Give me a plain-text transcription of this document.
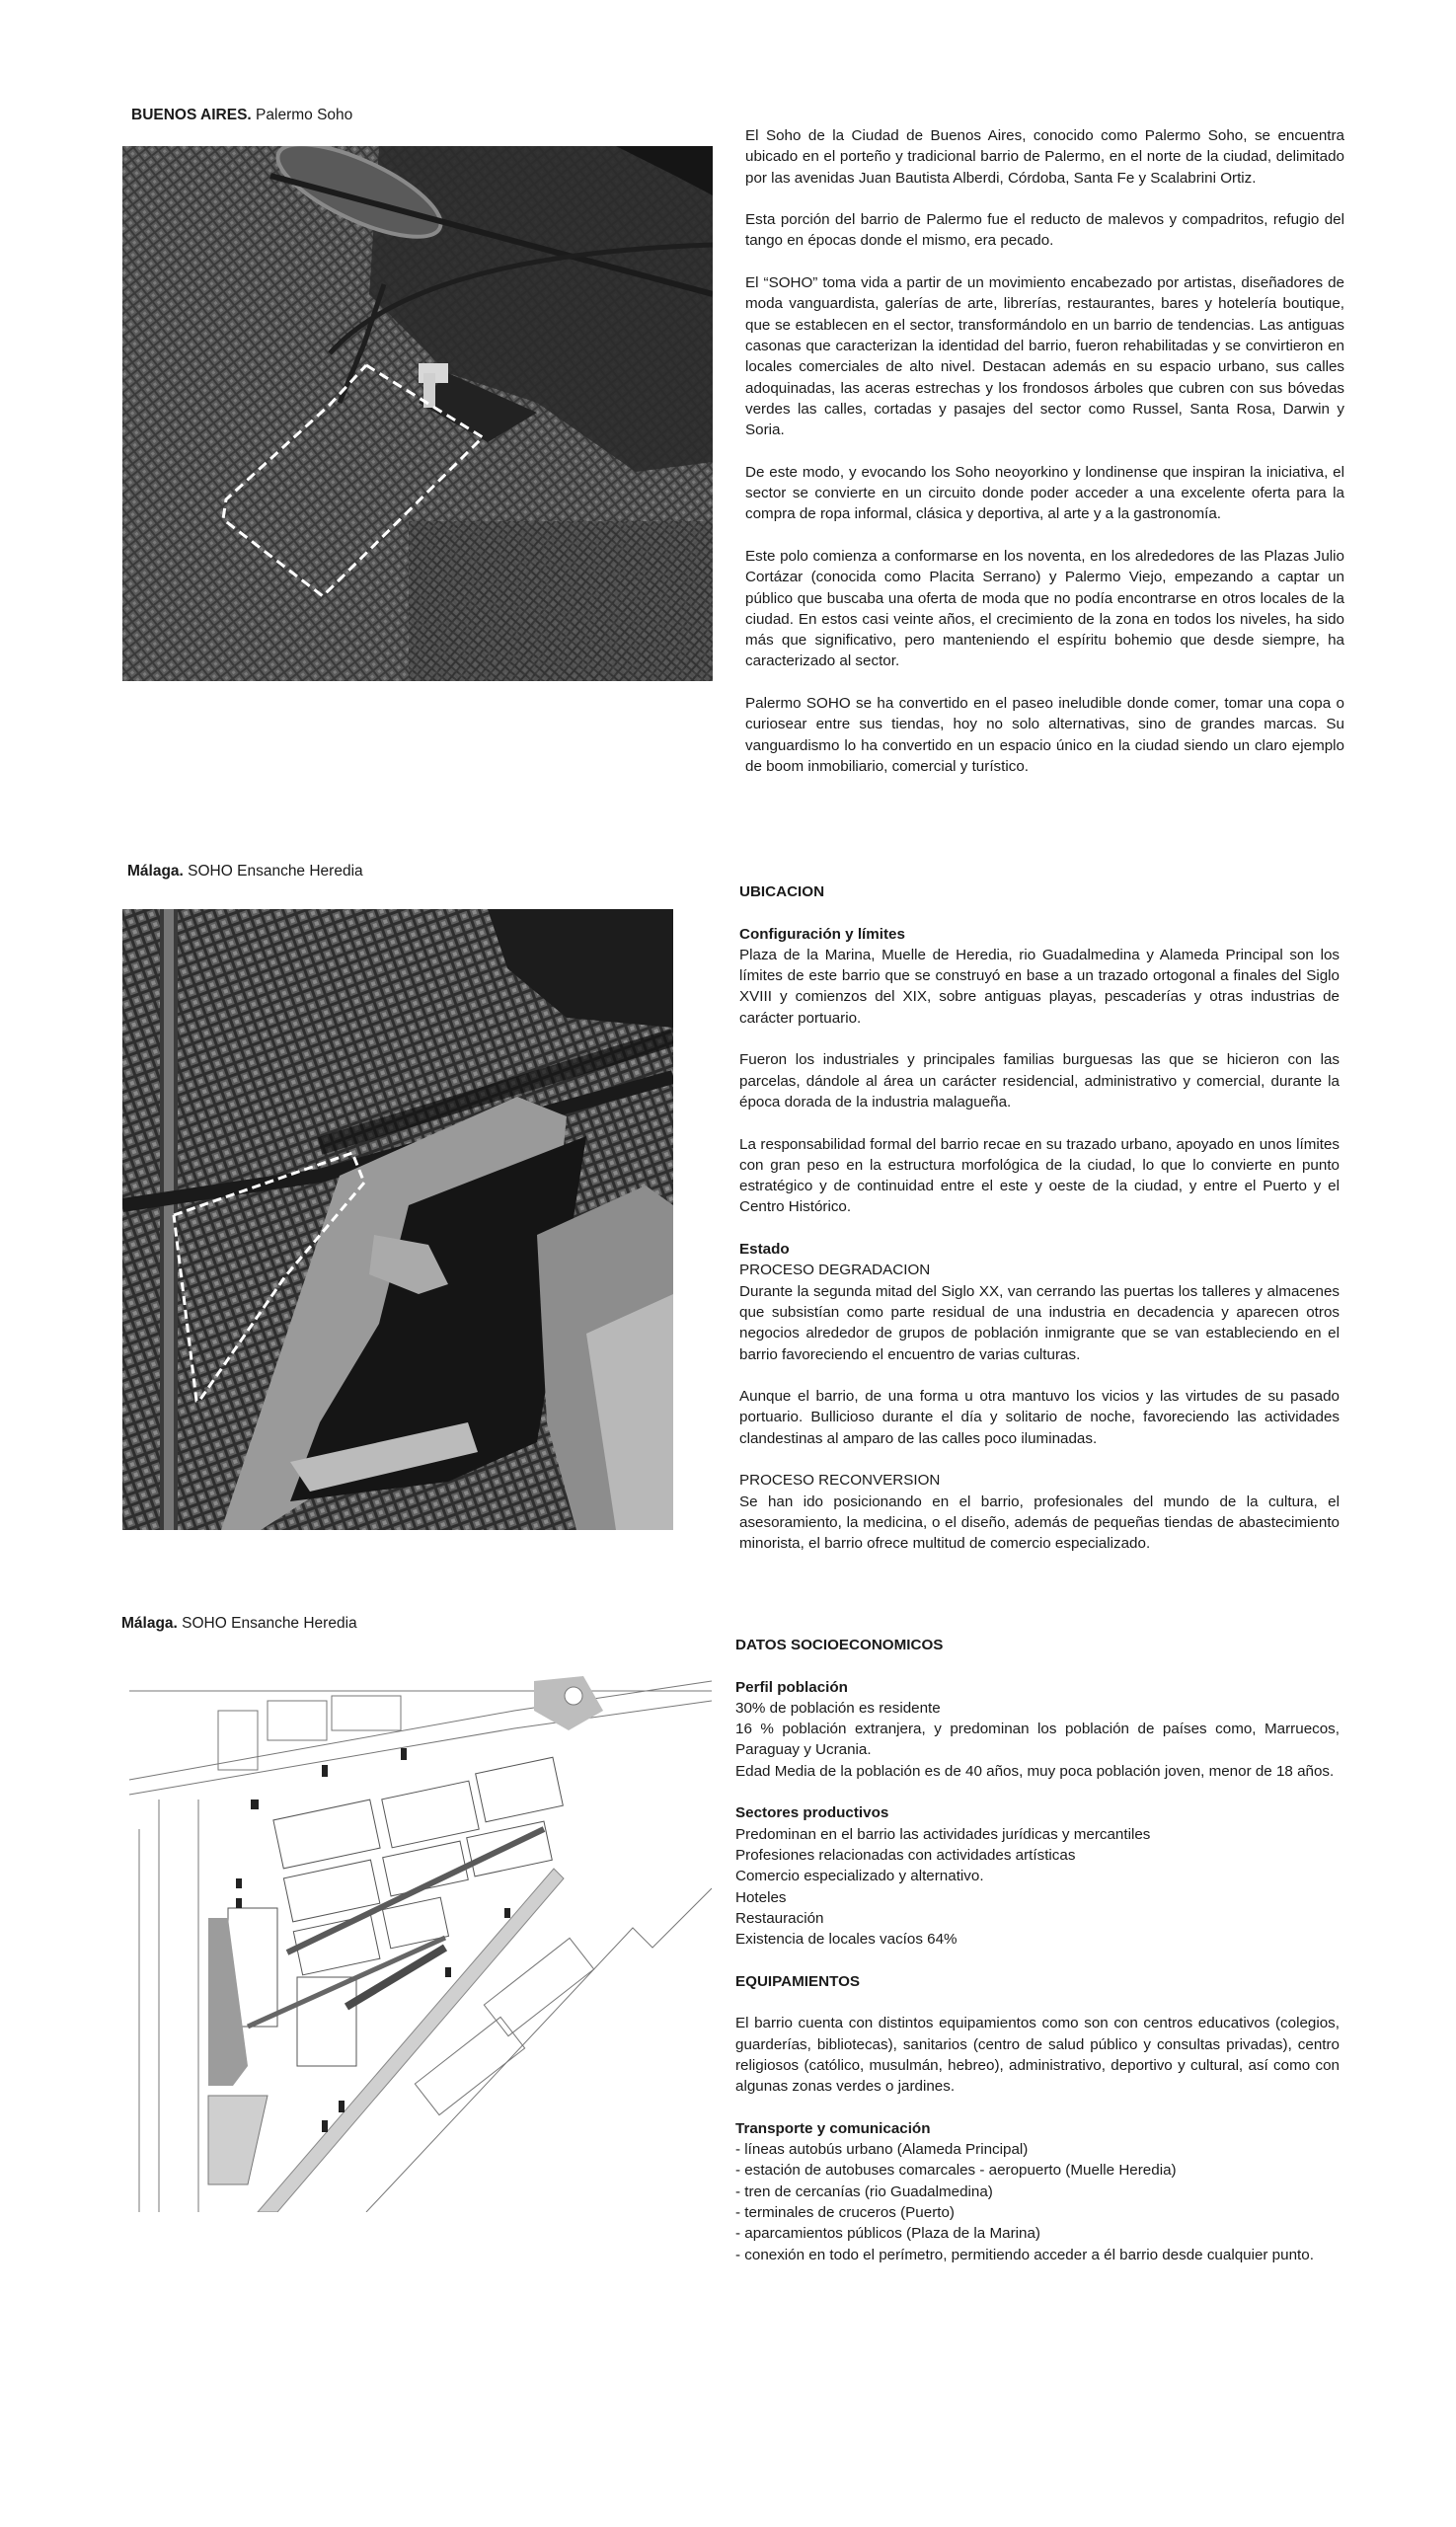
BUENOS AIRES. Palermo Soho

El Soho de la Ciudad de Buenos Aires, conocido como Palermo Soho, se encuentra ubicado en el porteño y tradicional barrio de Palermo, en el norte de la ciudad, delimitado por las avenidas Juan Bautista Alberdi, Córdoba, Santa Fe y Scalabrini Ortiz.

Esta porción del barrio de Palermo fue el reducto de malevos y compadritos, refugio del tango en épocas donde el mismo, era pecado.

El “SOHO” toma vida a partir de un movimiento encabezado por artistas, diseñadores de moda vanguardista, galerías de arte, librerías, restaurantes, bares y hotelería boutique, que se establecen en el sector, transformándolo en un barrio de tendencias. Las antiguas casonas que caracterizan la identidad del barrio, fueron rehabilitadas y se convirtieron en locales comerciales de alto nivel. Destacan además en su espacio urbano, sus calles adoquinadas, las aceras estrechas y los frondosos árboles que cubren con sus bóvedas verdes las calles, cortadas y pasajes del sector como Russel, Santa Rosa, Darwin y Soria.

De este modo, y evocando los Soho neoyorkino y londinense que inspiran la iniciativa, el sector se convierte en un circuito donde poder acceder a una excelente oferta para la compra de ropa informal, clásica y deportiva, al arte y a la gastronomía.

Este polo comienza a conformarse en los noventa, en los alrededores de las Plazas Julio Cortázar (conocida como Placita Serrano) y Palermo Viejo, empezando a captar un público que buscaba una oferta de moda que no podía encontrarse en otros locales de la ciudad. En estos casi veinte años, el crecimiento de la zona en todos los niveles, ha sido más que significativo, pero manteniendo el espíritu bohemio que desde siempre, ha caracterizado al sector.

Palermo SOHO se ha convertido en el paseo ineludible donde comer, tomar una copa o curiosear entre sus tiendas, hoy no solo alternativas, sino de grandes marcas. Su vanguardismo lo ha convertido en un espacio único en la ciudad siendo un claro ejemplo de boom inmobiliario, comercial y turístico.

Málaga. SOHO Ensanche Heredia
UBICACION
Configuración y límites

Plaza de la Marina, Muelle de Heredia, rio Guadalmedina y Alameda Principal son los límites de este barrio que se construyó en base a un trazado ortogonal a finales del Siglo XVIII y comienzos del XIX, sobre antiguas playas, pescaderías y otras industrias de carácter portuario.

Fueron los industriales y principales familias burguesas las que se hicieron con las parcelas, dándole al área un carácter residencial, administrativo y comercial, durante la época dorada de la industria malagueña.

La responsabilidad formal del barrio recae en su trazado urbano, apoyado en unos límites con gran peso en la estructura morfológica de la ciudad, lo que lo convierte en punto estratégico y de continuidad entre el este y oeste de la ciudad, y entre el Puerto y el Centro Histórico.

Estado
PROCESO DEGRADACION

Durante la segunda mitad del Siglo XX, van cerrando las puertas los talleres y almacenes que subsistían como parte residual de una industria en decadencia y aparecen otros negocios alrededor de grupos de población inmigrante que se van estableciendo en el barrio favoreciendo el encuentro de varias culturas.

Aunque el barrio, de una forma u otra mantuvo los vicios y las virtudes de su pasado portuario. Bullicioso durante el día y solitario de noche, favoreciendo las actividades clandestinas al amparo de las calles poco iluminadas.

PROCESO RECONVERSION

Se han ido posicionando en el barrio, profesionales del mundo de la cultura, el asesoramiento, la medicina, o el diseño, además de pequeñas tiendas de abastecimiento minorista, el barrio ofrece multitud de comercio especializado.

Málaga. SOHO Ensanche Heredia
DATOS SOCIOECONOMICOS
Perfil población
30% de población es residente
16 % población extranjera, y predominan los población de países como, Marruecos, Paraguay y Ucrania.
Edad Media de la población es de 40 años, muy poca población joven, menor de 18 años.
Sectores productivos
Predominan en el barrio las actividades jurídicas y mercantiles
Profesiones relacionadas con actividades artísticas
Comercio especializado y alternativo.
Hoteles
Restauración
Existencia de locales vacíos 64%
EQUIPAMIENTOS

El barrio cuenta con distintos equipamientos como son con centros educativos (colegios, guarderías, bibliotecas), sanitarios (centro de salud público y consultas privadas), centro religiosos (católico, musulmán, hebreo), administrativo, deportivo y cultural, así como con algunas zonas verdes o jardines.

Transporte y comunicación
- líneas autobús urbano (Alameda Principal)
- estación de autobuses comarcales - aeropuerto (Muelle Heredia)
- tren de cercanías (rio Guadalmedina)
- terminales de cruceros (Puerto)
- aparcamientos públicos (Plaza de la Marina)
- conexión en todo el perímetro, permitiendo acceder a él barrio desde cualquier punto.
